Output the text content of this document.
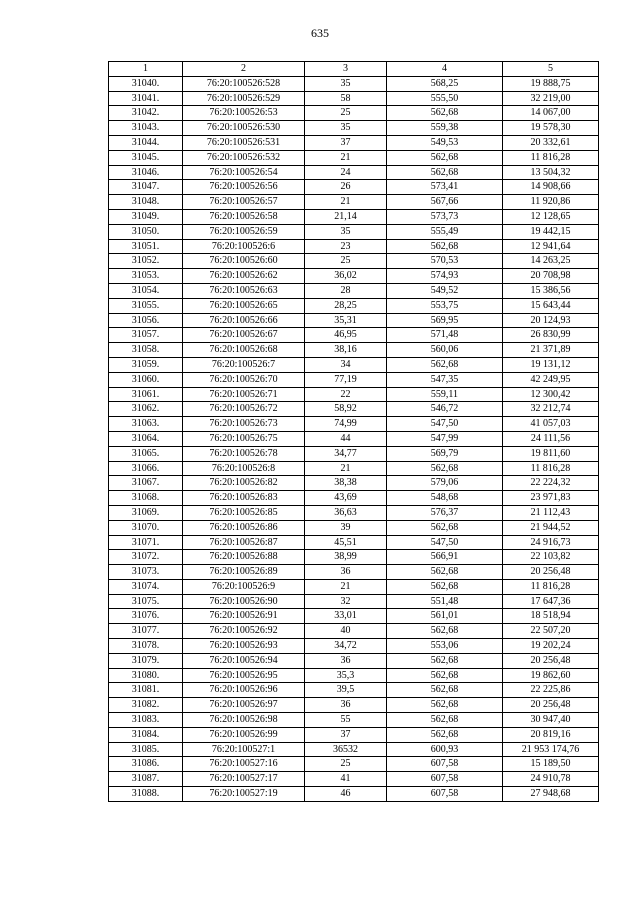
635
1	2	3	4	5
31040.	76:20:100526:528	35	568,25	19 888,75
31041.	76:20:100526:529	58	555,50	32 219,00
31042.	76:20:100526:53	25	562,68	14 067,00
31043.	76:20:100526:530	35	559,38	19 578,30
31044.	76:20:100526:531	37	549,53	20 332,61
31045.	76:20:100526:532	21	562,68	11 816,28
31046.	76:20:100526:54	24	562,68	13 504,32
31047.	76:20:100526:56	26	573,41	14 908,66
31048.	76:20:100526:57	21	567,66	11 920,86
31049.	76:20:100526:58	21,14	573,73	12 128,65
31050.	76:20:100526:59	35	555,49	19 442,15
31051.	76:20:100526:6	23	562,68	12 941,64
31052.	76:20:100526:60	25	570,53	14 263,25
31053.	76:20:100526:62	36,02	574,93	20 708,98
31054.	76:20:100526:63	28	549,52	15 386,56
31055.	76:20:100526:65	28,25	553,75	15 643,44
31056.	76:20:100526:66	35,31	569,95	20 124,93
31057.	76:20:100526:67	46,95	571,48	26 830,99
31058.	76:20:100526:68	38,16	560,06	21 371,89
31059.	76:20:100526:7	34	562,68	19 131,12
31060.	76:20:100526:70	77,19	547,35	42 249,95
31061.	76:20:100526:71	22	559,11	12 300,42
31062.	76:20:100526:72	58,92	546,72	32 212,74
31063.	76:20:100526:73	74,99	547,50	41 057,03
31064.	76:20:100526:75	44	547,99	24 111,56
31065.	76:20:100526:78	34,77	569,79	19 811,60
31066.	76:20:100526:8	21	562,68	11 816,28
31067.	76:20:100526:82	38,38	579,06	22 224,32
31068.	76:20:100526:83	43,69	548,68	23 971,83
31069.	76:20:100526:85	36,63	576,37	21 112,43
31070.	76:20:100526:86	39	562,68	21 944,52
31071.	76:20:100526:87	45,51	547,50	24 916,73
31072.	76:20:100526:88	38,99	566,91	22 103,82
31073.	76:20:100526:89	36	562,68	20 256,48
31074.	76:20:100526:9	21	562,68	11 816,28
31075.	76:20:100526:90	32	551,48	17 647,36
31076.	76:20:100526:91	33,01	561,01	18 518,94
31077.	76:20:100526:92	40	562,68	22 507,20
31078.	76:20:100526:93	34,72	553,06	19 202,24
31079.	76:20:100526:94	36	562,68	20 256,48
31080.	76:20:100526:95	35,3	562,68	19 862,60
31081.	76:20:100526:96	39,5	562,68	22 225,86
31082.	76:20:100526:97	36	562,68	20 256,48
31083.	76:20:100526:98	55	562,68	30 947,40
31084.	76:20:100526:99	37	562,68	20 819,16
31085.	76:20:100527:1	36532	600,93	21 953 174,76
31086.	76:20:100527:16	25	607,58	15 189,50
31087.	76:20:100527:17	41	607,58	24 910,78
31088.	76:20:100527:19	46	607,58	27 948,68
